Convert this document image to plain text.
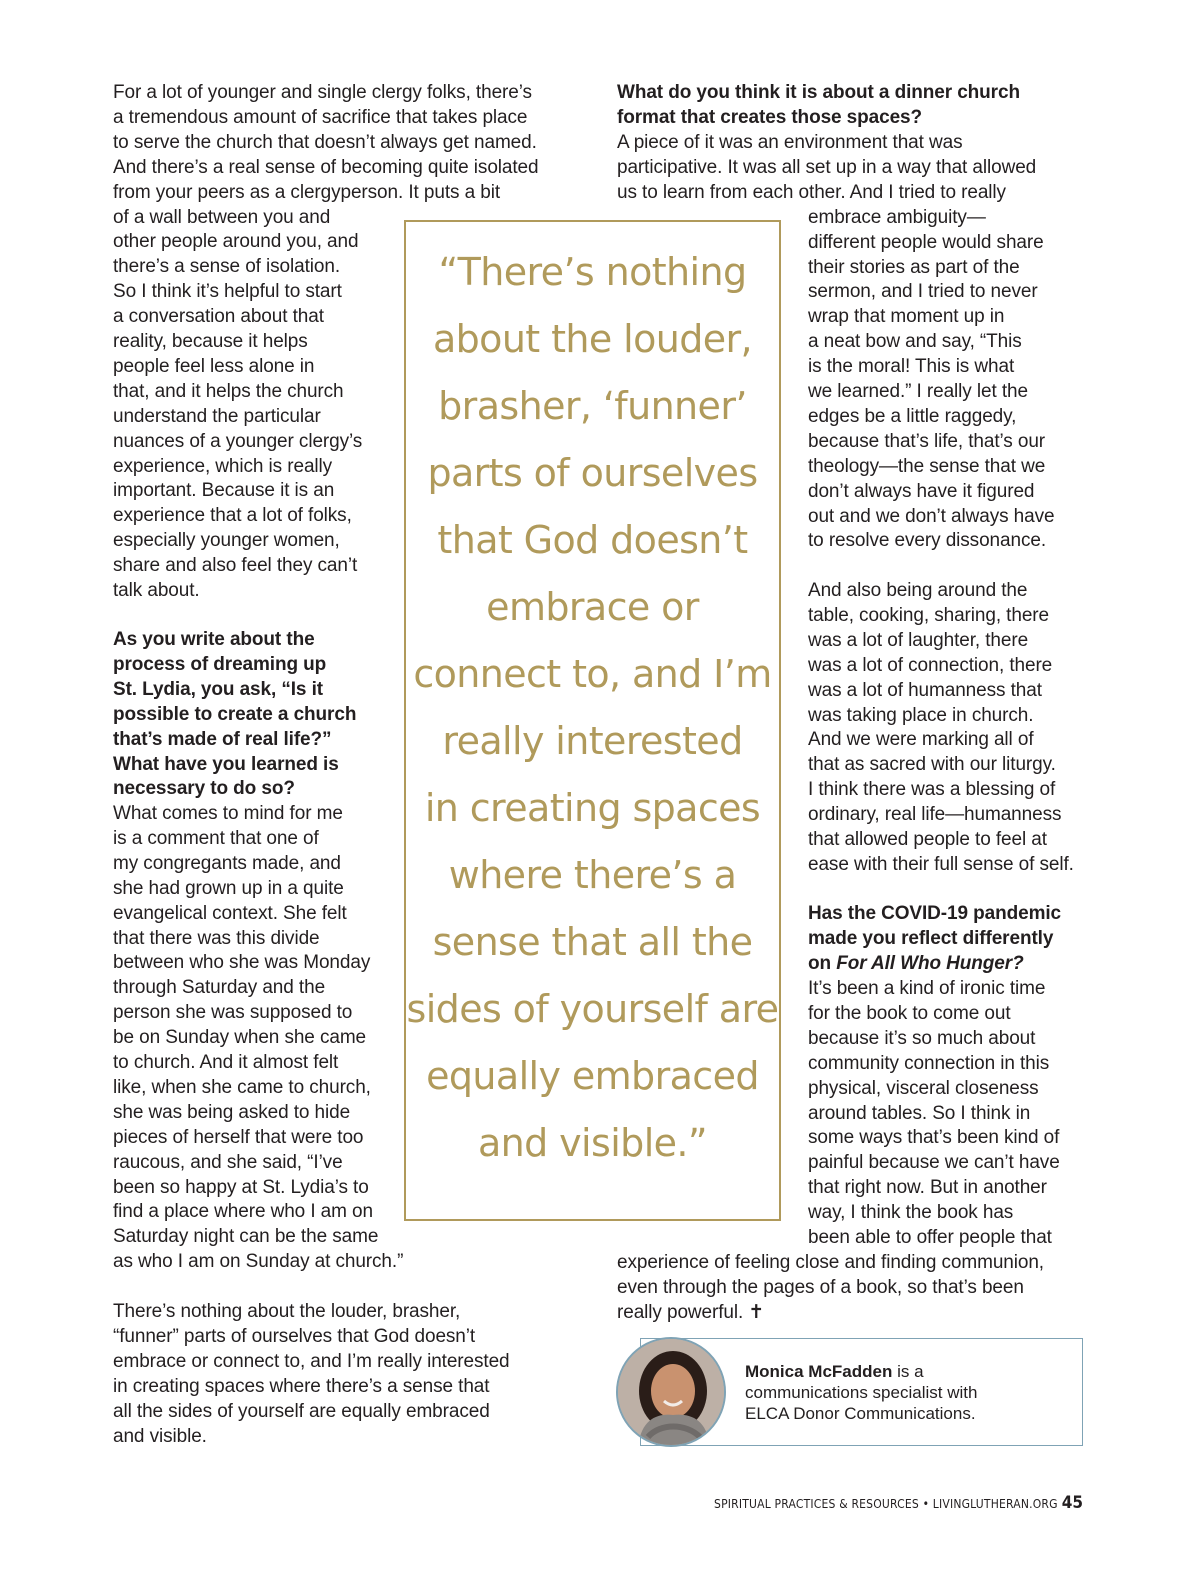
For a lot of younger and single clergy folks, there’s
a tremendous amount of sacrifice that takes place
to serve the church that doesn’t always get named.
And there’s a real sense of becoming quite isolated
from your peers as a clergyperson. It puts a bit
of a wall between you and
other people around you, and
there’s a sense of isolation.
So I think it’s helpful to start
a conversation about that
reality, because it helps
people feel less alone in
that, and it helps the church
understand the particular
nuances of a younger clergy’s
experience, which is really
important. Because it is an
experience that a lot of folks,
especially younger women,
share and also feel they can’t
talk about.
As you write about the
process of dreaming up
St. Lydia, you ask, “Is it
possible to create a church
that’s made of real life?”
What have you learned is
necessary to do so?
What comes to mind for me
is a comment that one of
my congregants made, and
she had grown up in a quite
evangelical context. She felt
that there was this divide
between who she was Monday
through Saturday and the
person she was supposed to
be on Sunday when she came
to church. And it almost felt
like, when she came to church,
she was being asked to hide
pieces of herself that were too
raucous, and she said, “I’ve
been so happy at St. Lydia’s to
find a place where who I am on
Saturday night can be the same
as who I am on Sunday at church.”
There’s nothing about the louder, brasher,
“funner” parts of ourselves that God doesn’t
embrace or connect to, and I’m really interested
in creating spaces where there’s a sense that
all the sides of yourself are equally embraced
and visible.
“There’s nothing
about the louder,
brasher, ‘funner’
parts of ourselves
that God doesn’t
embrace or
connect to, and I’m
really interested
in creating spaces
where there’s a
sense that all the
sides of yourself are
equally embraced
and visible.”
What do you think it is about a dinner church
format that creates those spaces?
A piece of it was an environment that was
participative. It was all set up in a way that allowed
us to learn from each other. And I tried to really
embrace ambiguity—
different people would share
their stories as part of the
sermon, and I tried to never
wrap that moment up in
a neat bow and say, “This
is the moral! This is what
we learned.” I really let the
edges be a little raggedy,
because that’s life, that’s our
theology—the sense that we
don’t always have it figured
out and we don’t always have
to resolve every dissonance.
And also being around the
table, cooking, sharing, there
was a lot of laughter, there
was a lot of connection, there
was a lot of humanness that
was taking place in church.
And we were marking all of
that as sacred with our liturgy.
I think there was a blessing of
ordinary, real life—humanness
that allowed people to feel at
ease with their full sense of self.
Has the COVID-19 pandemic
made you reflect differently
on For All Who Hunger?
It’s been a kind of ironic time
for the book to come out
because it’s so much about
community connection in this
physical, visceral closeness
around tables. So I think in
some ways that’s been kind of
painful because we can’t have
that right now. But in another
way, I think the book has
been able to offer people that
experience of feeling close and finding communion,
even through the pages of a book, so that’s been
really powerful. ✝
Monica McFadden is a
communications specialist with
ELCA Donor Communications.
SPIRITUAL PRACTICES & RESOURCES • LIVINGLUTHERAN.ORG 45
